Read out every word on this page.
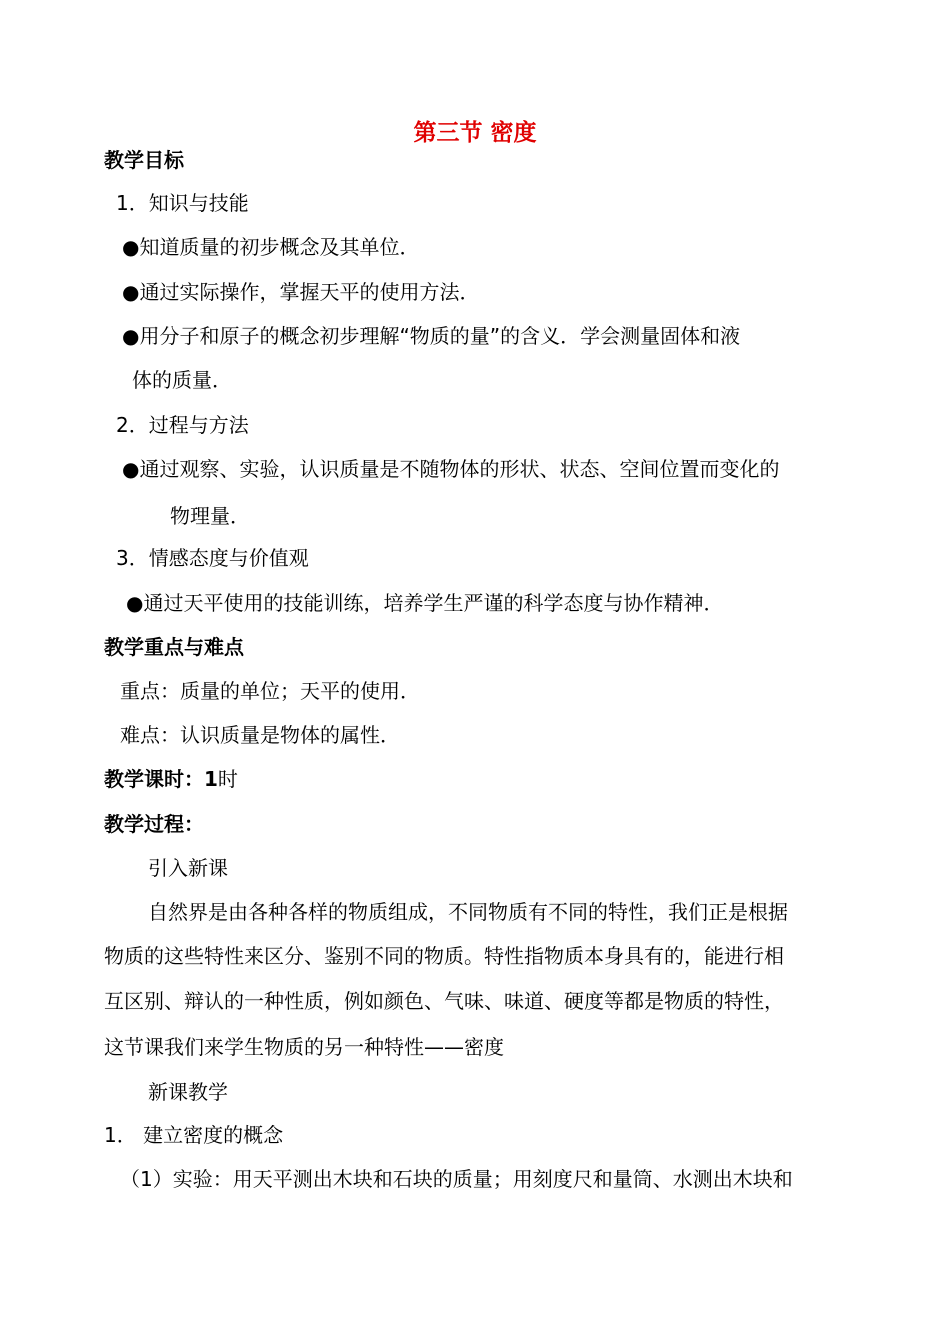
第三节 密度
教学目标
1．知识与技能
●知道质量的初步概念及其单位．
●通过实际操作，掌握天平的使用方法．
●用分子和原子的概念初步理解“物质的量”的含义．学会测量固体和液
体的质量．
2．过程与方法
●通过观察、实验，认识质量是不随物体的形状、状态、空间位置而变化的
物理量．
3．情感态度与价值观
●通过天平使用的技能训练，培养学生严谨的科学态度与协作精神．
教学重点与难点
重点：质量的单位；天平的使用．
难点：认识质量是物体的属性．
教学课时：1时
教学过程：
引入新课
自然界是由各种各样的物质组成，不同物质有不同的特性，我们正是根据
物质的这些特性来区分、鉴别不同的物质。特性指物质本身具有的，能进行相
互区别、辩认的一种性质，例如颜色、气味、味道、硬度等都是物质的特性，
这节课我们来学生物质的另一种特性——密度
新课教学
1． 建立密度的概念
（1）实验：用天平测出木块和石块的质量；用刻度尺和量筒、水测出木块和
